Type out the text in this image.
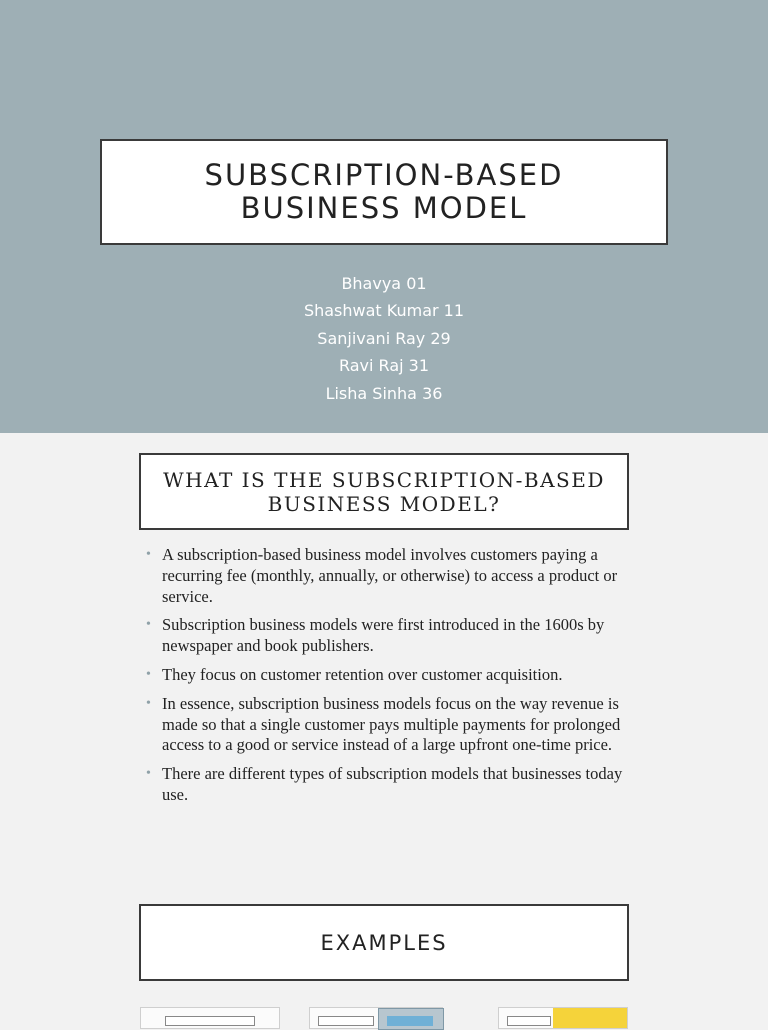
SUBSCRIPTION-BASED
BUSINESS MODEL
Bhavya 01
Shashwat Kumar 11
Sanjivani Ray 29
Ravi Raj 31
Lisha Sinha 36
WHAT IS THE SUBSCRIPTION-BASED
BUSINESS MODEL?
• A subscription-based business model involves customers paying a recurring fee (monthly, annually, or otherwise) to access a product or service.
• Subscription business models were first introduced in the 1600s by newspaper and book publishers.
• They focus on customer retention over customer acquisition.
• In essence, subscription business models focus on the way revenue is made so that a single customer pays multiple payments for prolonged access to a good or service instead of a large upfront one-time price.
• There are different types of subscription models that businesses today use.
EXAMPLES
